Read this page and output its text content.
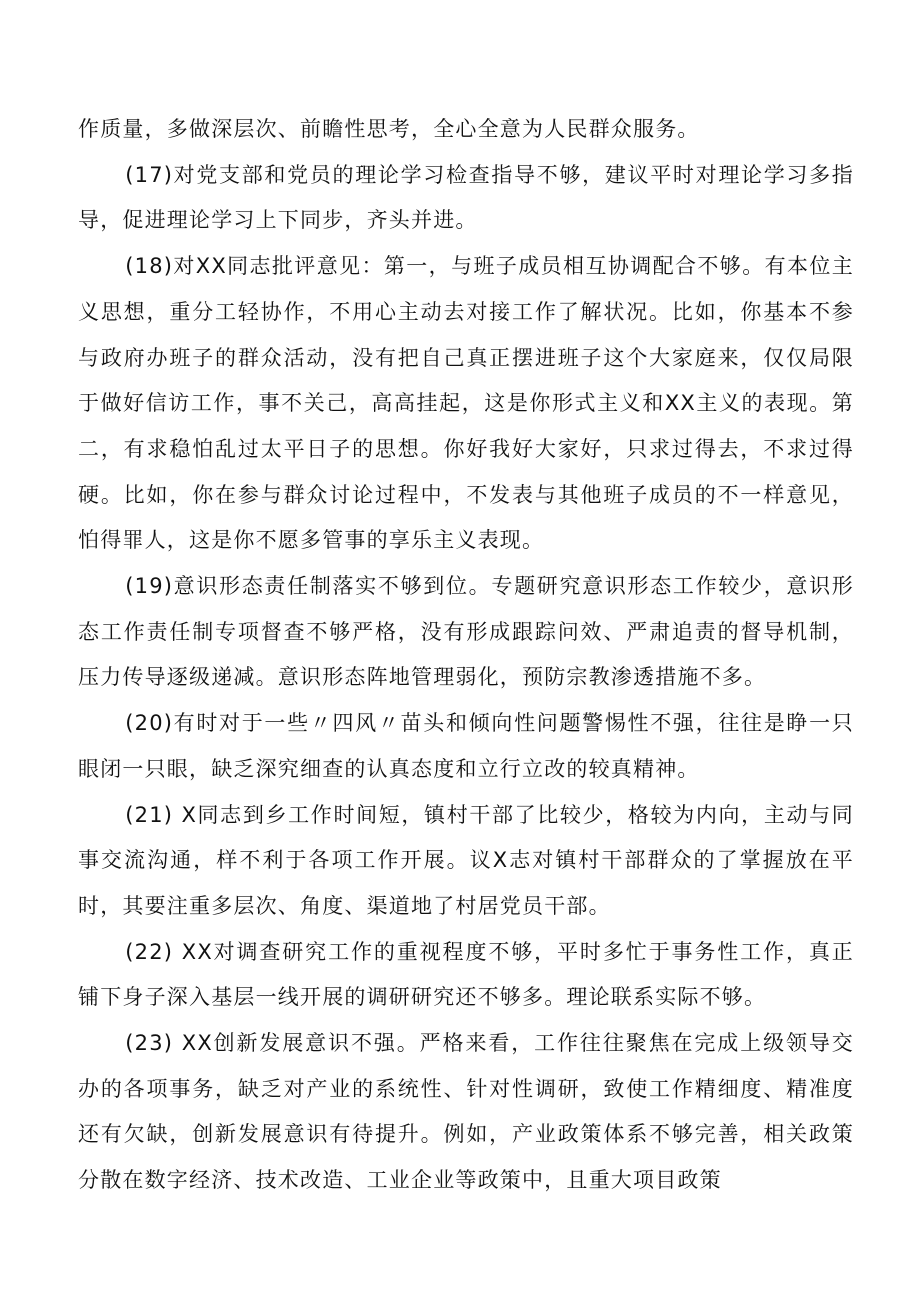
作质量，多做深层次、前瞻性思考，全心全意为人民群众服务。

(17)对党支部和党员的理论学习检查指导不够，建议平时对理论学习多指导，促进理论学习上下同步，齐头并进。

(18)对XX同志批评意见：第一，与班子成员相互协调配合不够。有本位主义思想，重分工轻协作，不用心主动去对接工作了解状况。比如，你基本不参与政府办班子的群众活动，没有把自己真正摆进班子这个大家庭来，仅仅局限于做好信访工作，事不关己，高高挂起，这是你形式主义和XX主义的表现。第二，有求稳怕乱过太平日子的思想。你好我好大家好，只求过得去，不求过得硬。比如，你在参与群众讨论过程中，不发表与其他班子成员的不一样意见，怕得罪人，这是你不愿多管事的享乐主义表现。

(19)意识形态责任制落实不够到位。专题研究意识形态工作较少，意识形态工作责任制专项督查不够严格，没有形成跟踪问效、严肃追责的督导机制，压力传导逐级递减。意识形态阵地管理弱化，预防宗教渗透措施不多。

(20)有时对于一些〃四风〃苗头和倾向性问题警惕性不强，往往是睁一只眼闭一只眼，缺乏深究细查的认真态度和立行立改的较真精神。

(21) X同志到乡工作时间短，镇村干部了比较少，格较为内向，主动与同事交流沟通，样不利于各项工作开展。议X志对镇村干部群众的了掌握放在平时，其要注重多层次、角度、渠道地了村居党员干部。

(22) XX对调查研究工作的重视程度不够，平时多忙于事务性工作，真正铺下身子深入基层一线开展的调研研究还不够多。理论联系实际不够。

(23) XX创新发展意识不强。严格来看，工作往往聚焦在完成上级领导交办的各项事务，缺乏对产业的系统性、针对性调研，致使工作精细度、精准度还有欠缺，创新发展意识有待提升。例如，产业政策体系不够完善，相关政策分散在数字经济、技术改造、工业企业等政策中，且重大项目政策
